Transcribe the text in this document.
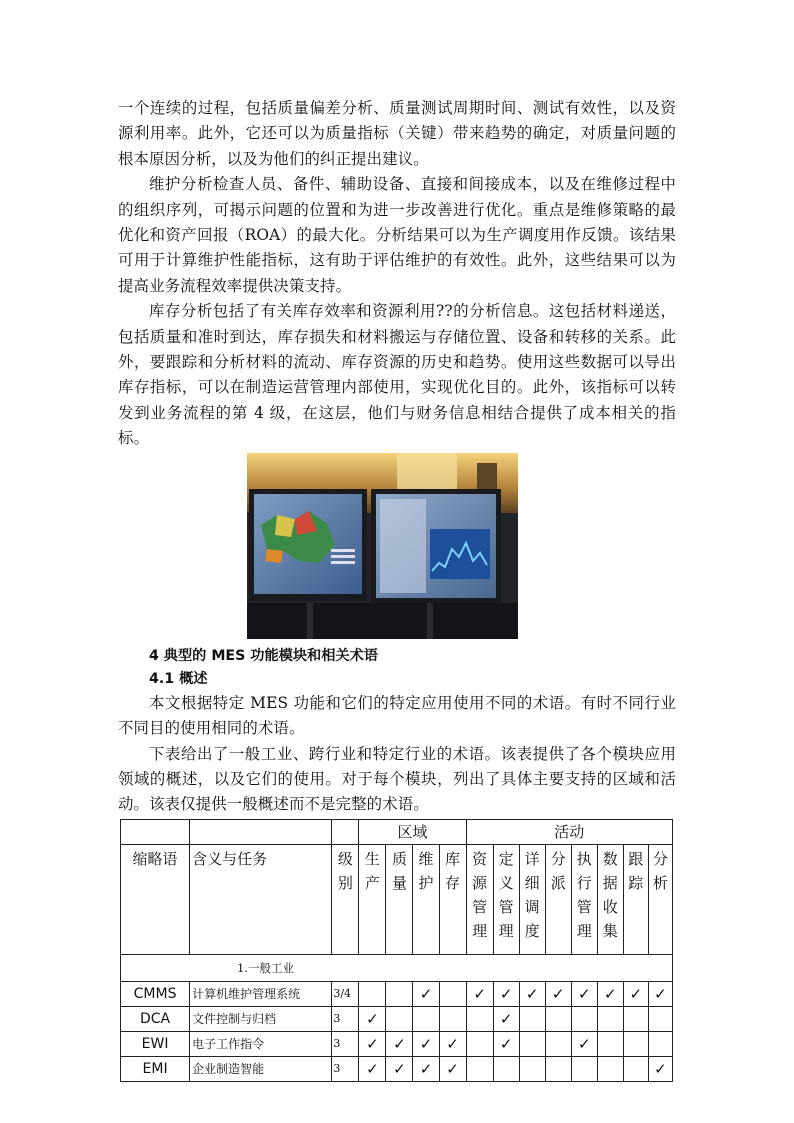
一个连续的过程，包括质量偏差分析、质量测试周期时间、测试有效性，以及资源利用率。此外，它还可以为质量指标（关键）带来趋势的确定，对质量问题的根本原因分析，以及为他们的纠正提出建议。

维护分析检查人员、备件、辅助设备、直接和间接成本，以及在维修过程中的组织序列，可揭示问题的位置和为进一步改善进行优化。重点是维修策略的最优化和资产回报（ROA）的最大化。分析结果可以为生产调度用作反馈。该结果可用于计算维护性能指标，这有助于评估维护的有效性。此外，这些结果可以为提高业务流程效率提供决策支持。

库存分析包括了有关库存效率和资源利用??的分析信息。这包括材料递送，包括质量和准时到达，库存损失和材料搬运与存储位置、设备和转移的关系。此外，要跟踪和分析材料的流动、库存资源的历史和趋势。使用这些数据可以导出库存指标，可以在制造运营管理内部使用，实现优化目的。此外，该指标可以转发到业务流程的第 4 级，在这层，他们与财务信息相结合提供了成本相关的指标。

4 典型的 MES 功能模块和相关术语
4.1 概述

本文根据特定 MES 功能和它们的特定应用使用不同的术语。有时不同行业不同目的使用相同的术语。

下表给出了一般工业、跨行业和特定行业的术语。该表提供了各个模块应用领域的概述，以及它们的使用。对于每个模块，列出了具体主要支持的区域和活动。该表仅提供一般概述而不是完整的术语。

			区域				活动							
缩略语	含义与任务	级别	生产	质量	维护	库存	资源管理	定义管理	详细调度	分派	执行管理	数据收集	跟踪	分析
1.一般工业														
CMMS	计算机维护管理系统	3/4			✓		✓	✓	✓	✓	✓	✓	✓	✓
DCA	文件控制与归档	3	✓					✓						
EWI	电子工作指令	3	✓	✓	✓	✓		✓			✓			
EMI	企业制造智能	3	✓	✓	✓	✓								✓
